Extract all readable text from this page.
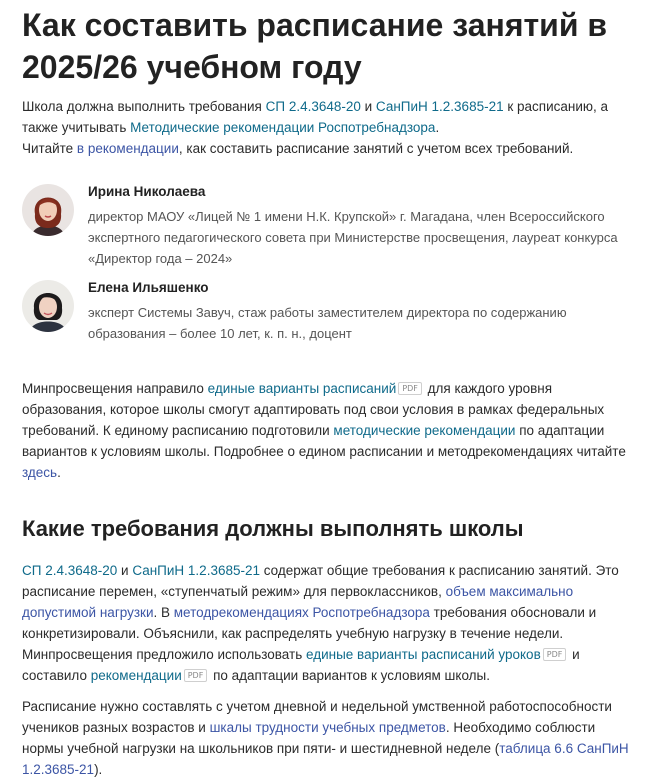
Как составить расписание занятий в 2025/26 учебном году

Школа должна выполнить требования СП 2.4.3648-20 и СанПиН 1.2.3685-21 к расписанию, а также учитывать Методические рекомендации Роспотребнадзора.

Читайте в рекомендации, как составить расписание занятий с учетом всех требований.

Ирина Николаева
директор МАОУ «Лицей № 1 имени Н.К. Крупской» г. Магадана, член Всероссийского экспертного педагогического совета при Министерстве просвещения, лауреат конкурса «Директор года – 2024»
Елена Ильяшенко
эксперт Системы Завуч, стаж работы заместителем директора по содержанию образования – более 10 лет, к. п. н., доцент

Минпросвещения направило единые варианты расписаний PDF для каждого уровня образования, которое школы смогут адаптировать под свои условия в рамках федеральных требований. К единому расписанию подготовили методические рекомендации по адаптации вариантов к условиям школы. Подробнее о едином расписании и методрекомендациях читайте здесь.

Какие требования должны выполнять школы

СП 2.4.3648-20 и СанПиН 1.2.3685-21 содержат общие требования к расписанию занятий. Это расписание перемен, «ступенчатый режим» для первоклассников, объем максимально допустимой нагрузки. В методрекомендациях Роспотребнадзора требования обосновали и конкретизировали. Объяснили, как распределять учебную нагрузку в течение недели. Минпросвещения предложило использовать единые варианты расписаний уроков PDF и составило рекомендации PDF по адаптации вариантов к условиям школы.

Расписание нужно составлять с учетом дневной и недельной умственной работоспособности учеников разных возрастов и шкалы трудности учебных предметов. Необходимо соблюсти нормы учебной нагрузки на школьников при пяти- и шестидневной неделе (таблица 6.6 СанПиН 1.2.3685-21).
